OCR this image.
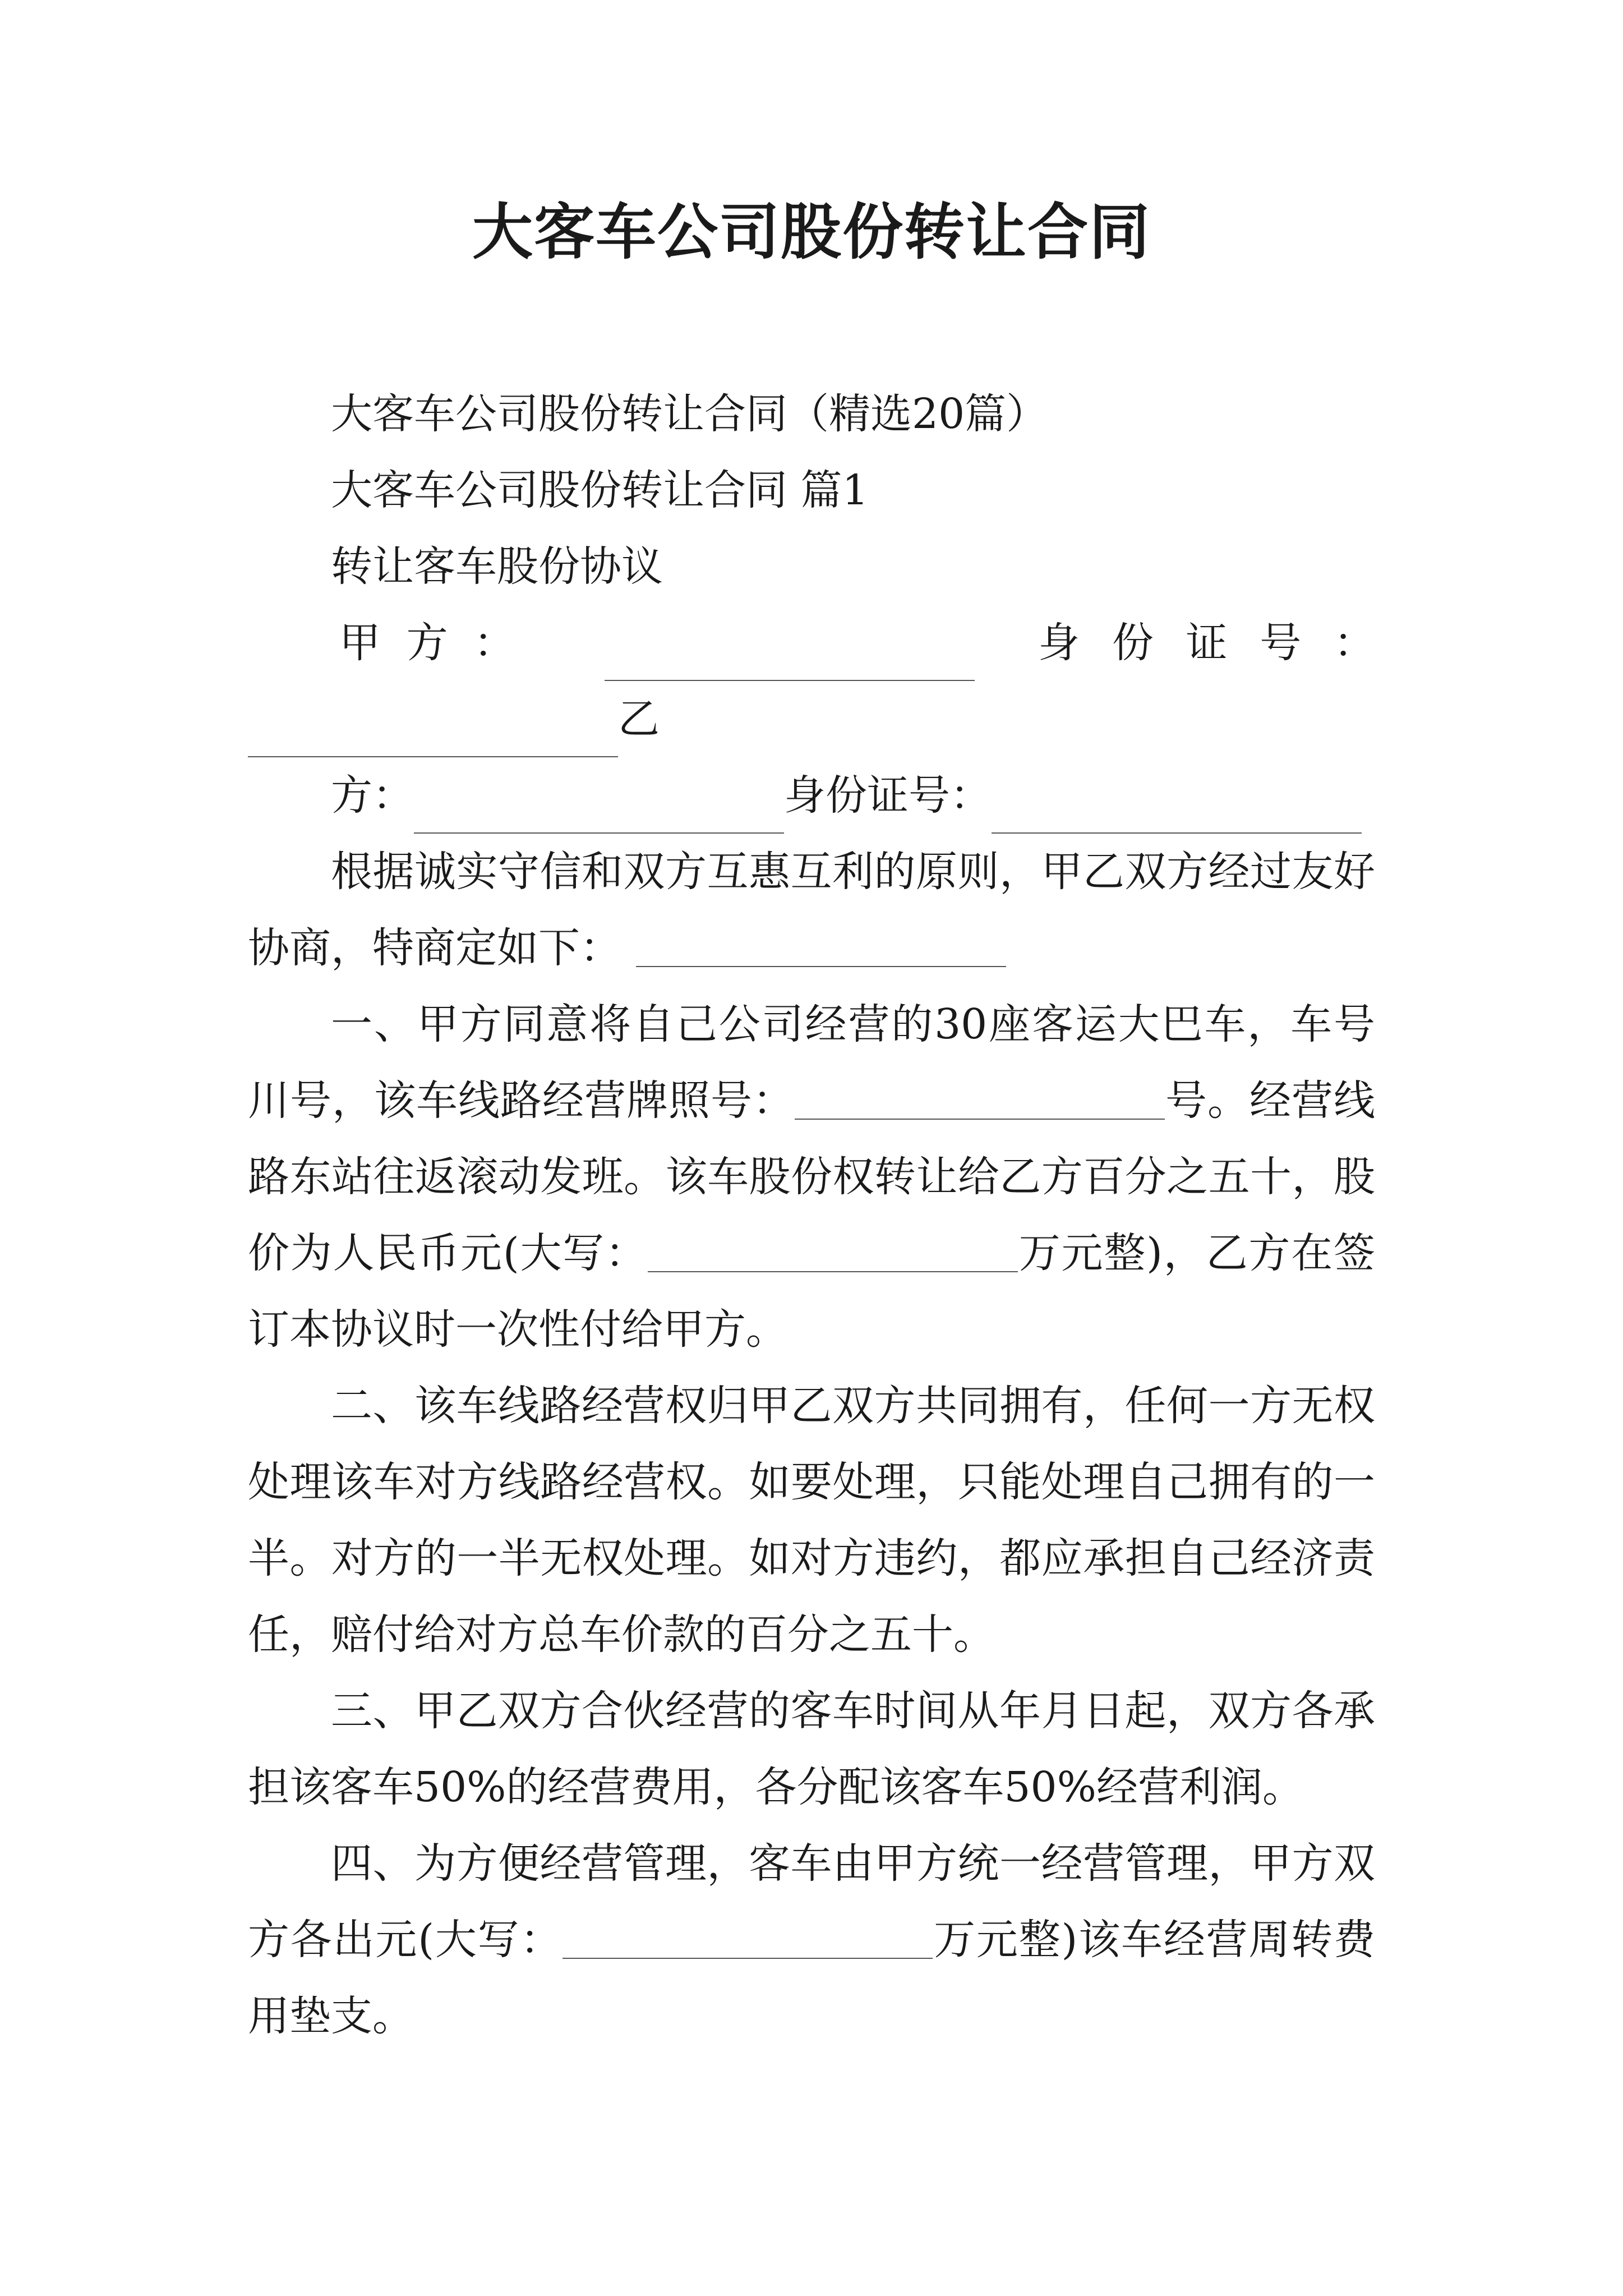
大客车公司股份转让合同

大客车公司股份转让合同（精选20篇）

大客车公司股份转让合同 篇1

转让客车股份协议

甲方：	身份证号：
乙
方：	身份证号：

根据诚实守信和双方互惠互利的原则，甲乙双方经过友好协商，特商定如下：

一、甲方同意将自己公司经营的30座客运大巴车，车号川号，该车线路经营牌照号：	号。经营线路东站往返滚动发班。该车股份权转让给乙方百分之五十，股价为人民币元(大写：	万元整)，乙方在签订本协议时一次性付给甲方。

二、该车线路经营权归甲乙双方共同拥有，任何一方无权处理该车对方线路经营权。如要处理，只能处理自己拥有的一半。对方的一半无权处理。如对方违约，都应承担自己经济责任，赔付给对方总车价款的百分之五十。

三、甲乙双方合伙经营的客车时间从年月日起，双方各承担该客车50%的经营费用，各分配该客车50%经营利润。

四、为方便经营管理，客车由甲方统一经营管理，甲方双方各出元(大写：	万元整)该车经营周转费用垫支。
